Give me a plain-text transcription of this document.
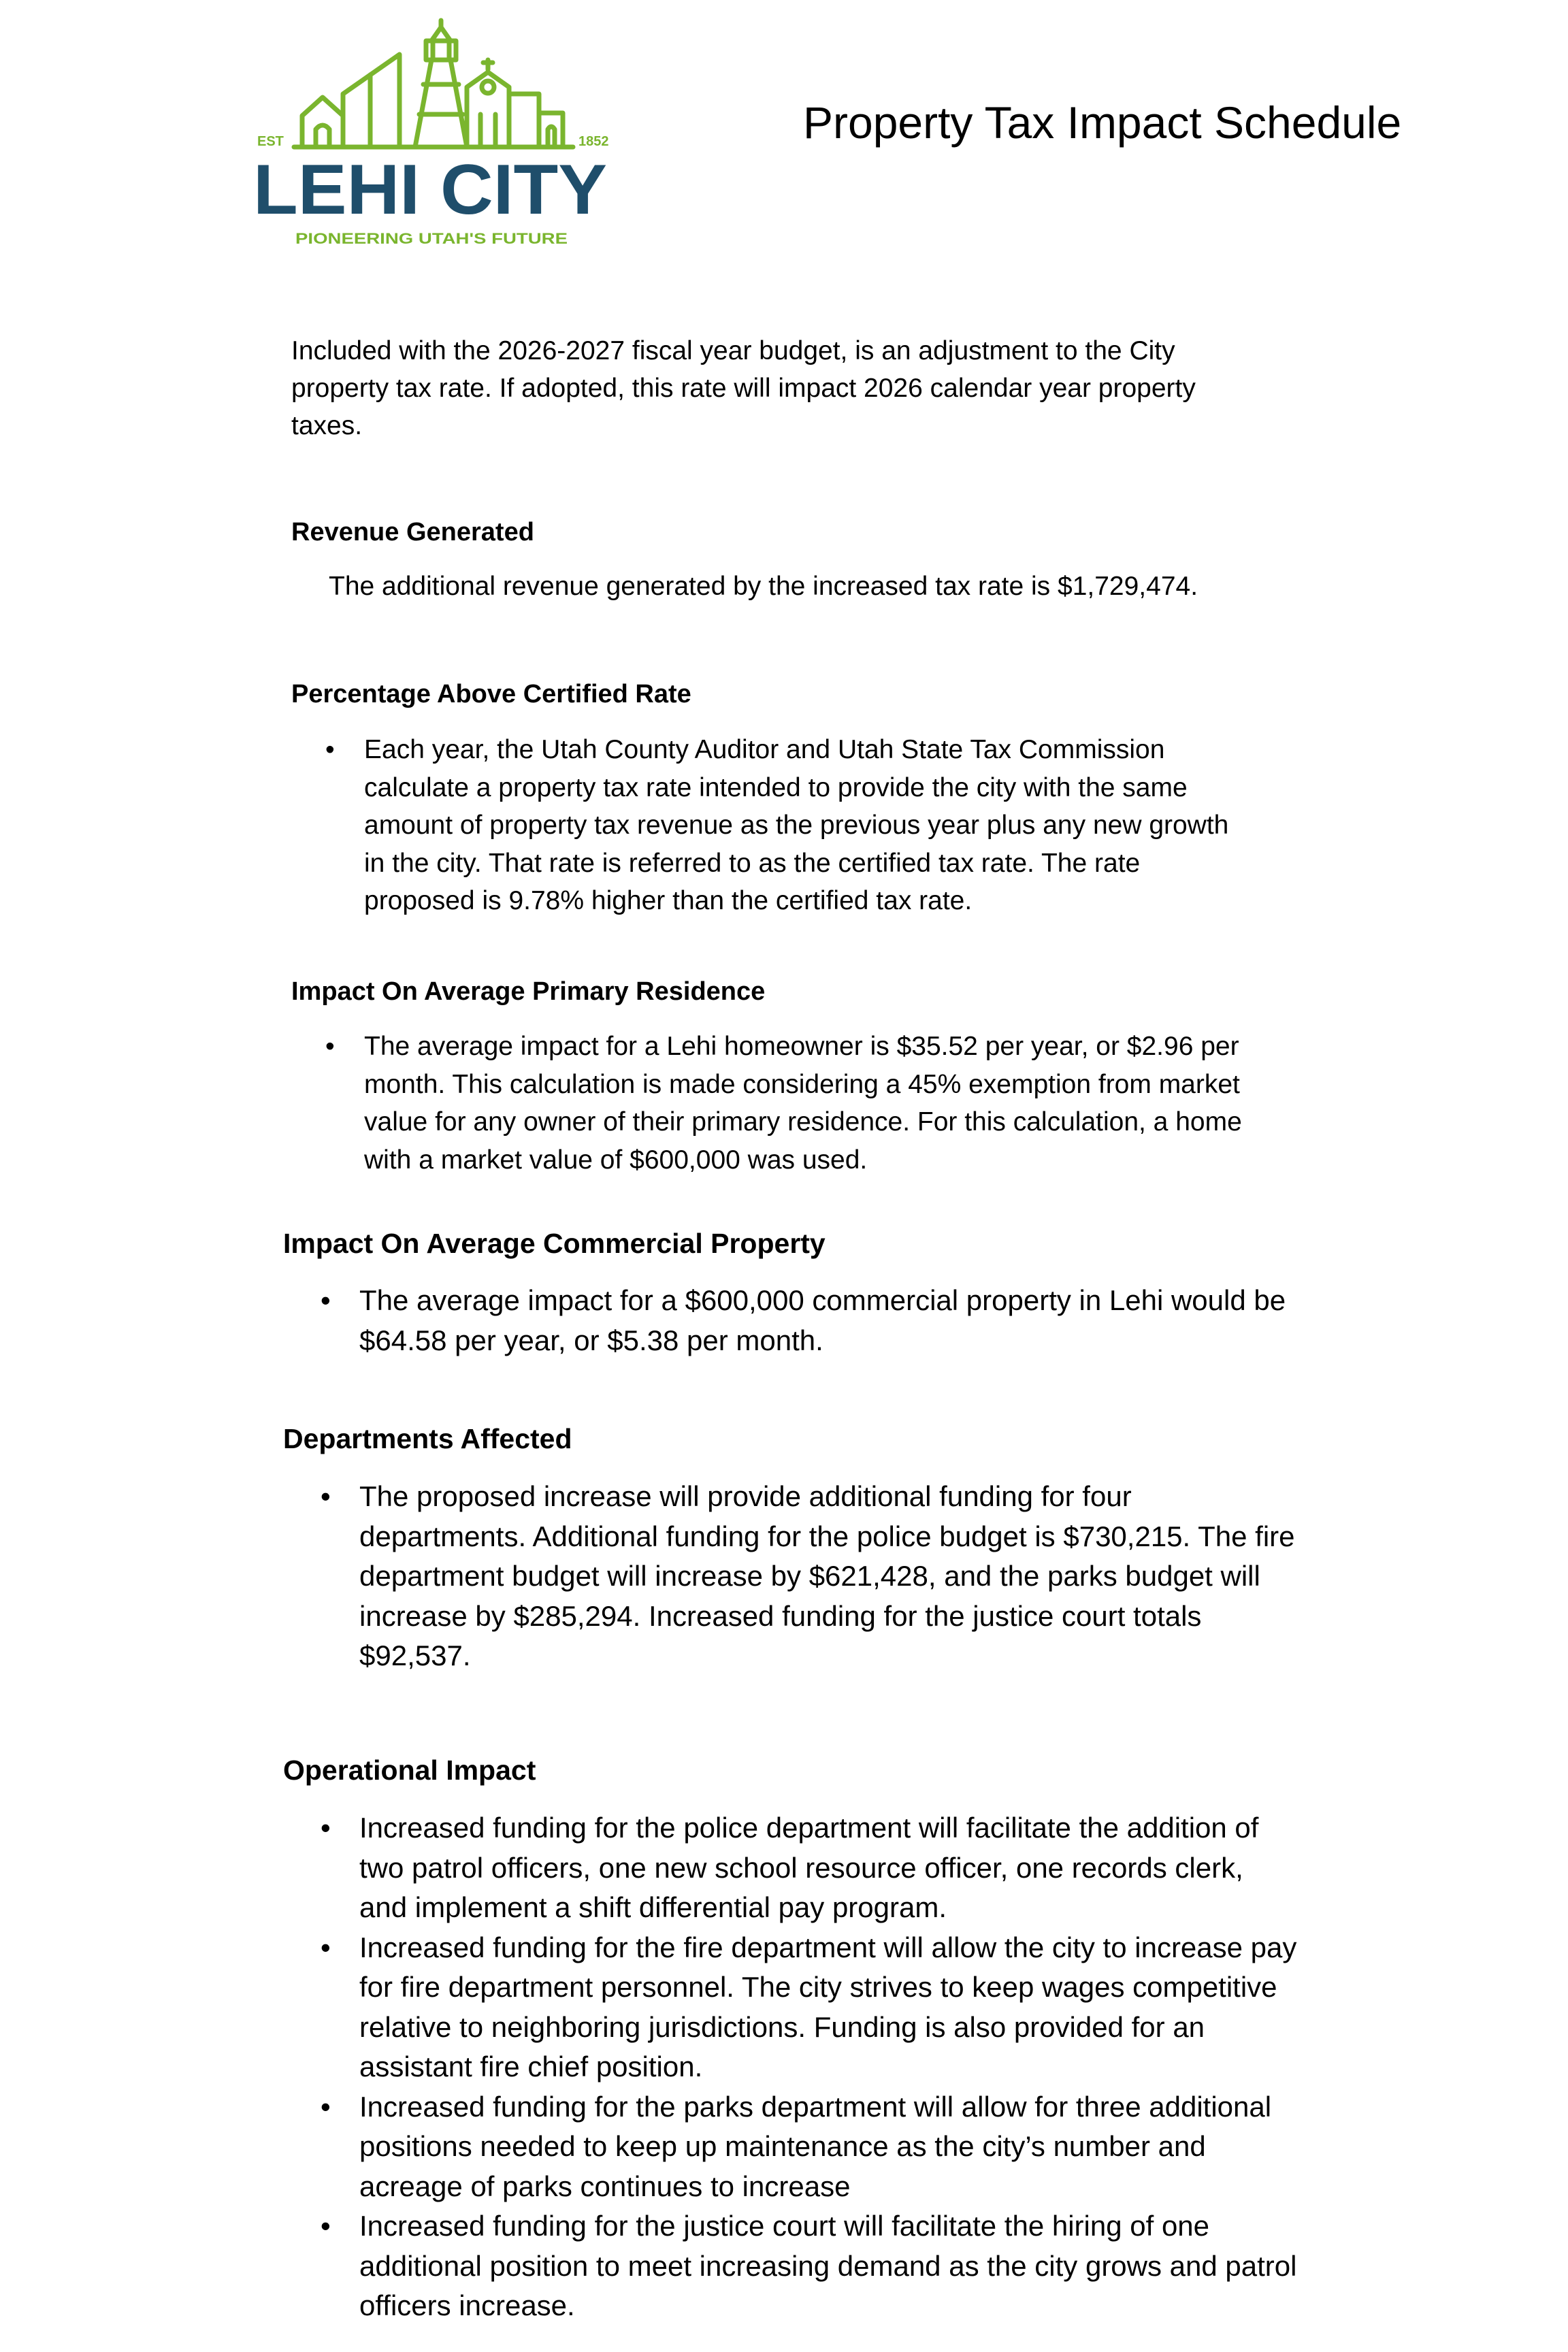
EST	1852
LEHI CITY
PIONEERING UTAH'S FUTURE
Property Tax Impact Schedule
Included with the 2026-2027 fiscal year budget, is an adjustment to the City property tax rate. If adopted, this rate will impact 2026 calendar year property taxes.
Revenue Generated
The additional revenue generated by the increased tax rate is $1,729,474.
Percentage Above Certified Rate
• Each year, the Utah County Auditor and Utah State Tax Commission calculate a property tax rate intended to provide the city with the same amount of property tax revenue as the previous year plus any new growth in the city. That rate is referred to as the certified tax rate. The rate proposed is 9.78% higher than the certified tax rate.
Impact On Average Primary Residence
• The average impact for a Lehi homeowner is $35.52 per year, or $2.96 per month. This calculation is made considering a 45% exemption from market value for any owner of their primary residence. For this calculation, a home with a market value of $600,000 was used.
Impact On Average Commercial Property
• The average impact for a $600,000 commercial property in Lehi would be $64.58 per year, or $5.38 per month.
Departments Affected
• The proposed increase will provide additional funding for four departments. Additional funding for the police budget is $730,215. The fire department budget will increase by $621,428, and the parks budget will increase by $285,294. Increased funding for the justice court totals $92,537.
Operational Impact
• Increased funding for the police department will facilitate the addition of two patrol officers, one new school resource officer, one records clerk, and implement a shift differential pay program.
• Increased funding for the fire department will allow the city to increase pay for fire department personnel. The city strives to keep wages competitive relative to neighboring jurisdictions. Funding is also provided for an assistant fire chief position.
• Increased funding for the parks department will allow for three additional positions needed to keep up maintenance as the city’s number and acreage of parks continues to increase
• Increased funding for the justice court will facilitate the hiring of one additional position to meet increasing demand as the city grows and patrol officers increase.
